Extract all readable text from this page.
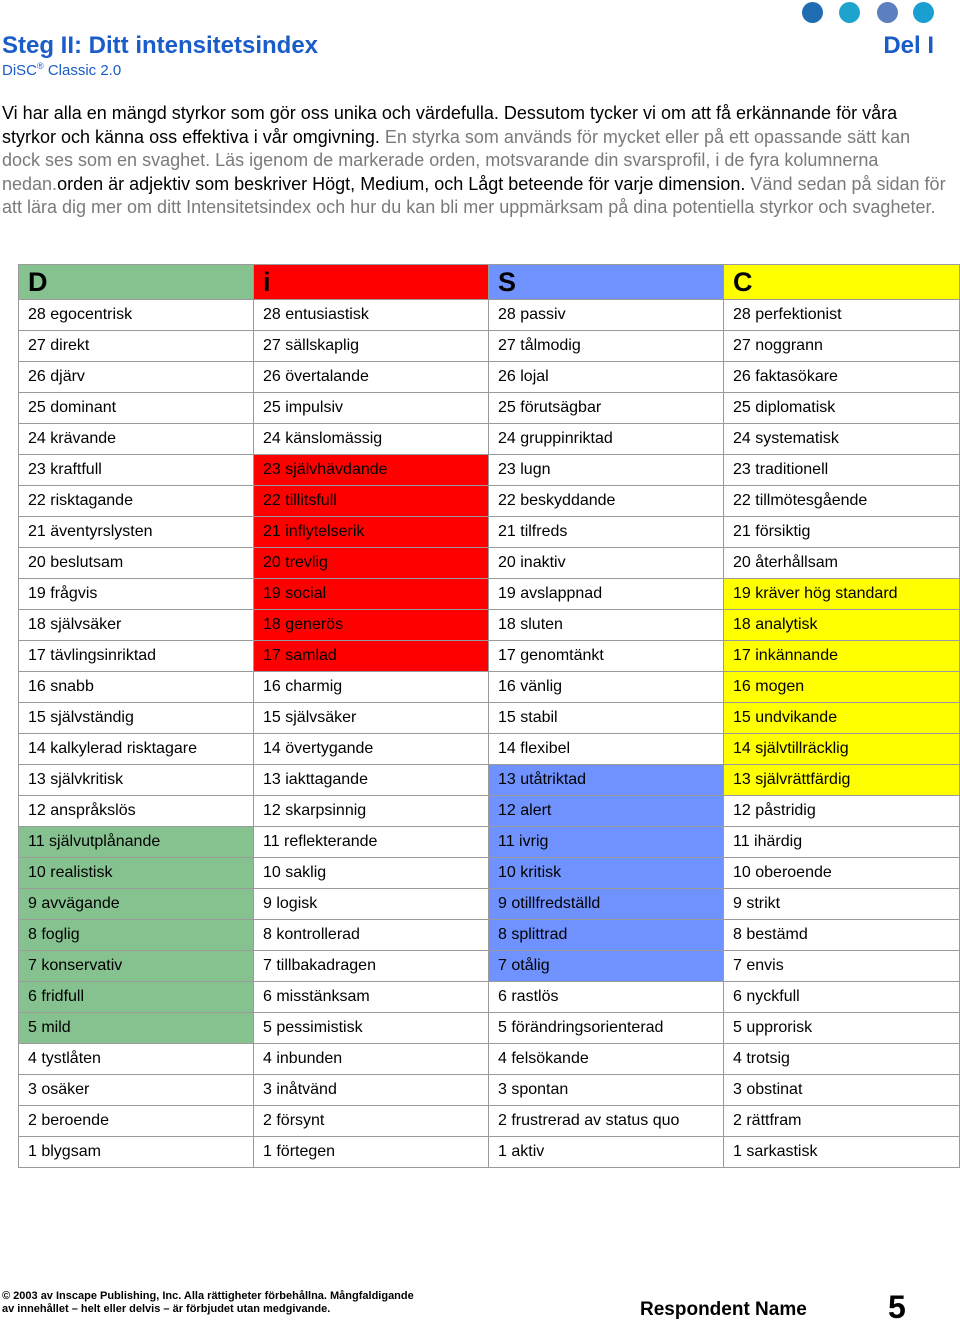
Steg II: Ditt intensitetsindex
DiSC® Classic 2.0
Del I
Vi har alla en mängd styrkor som gör oss unika och värdefulla. Dessutom tycker vi om att få erkännande för våra styrkor och känna oss effektiva i vår omgivning. En styrka som används för mycket eller på ett opassande sätt kan dock ses som en svaghet. Läs igenom de markerade orden, motsvarande din svarsprofil, i de fyra kolumnerna nedan.orden är adjektiv som beskriver Högt, Medium, och Lågt beteende för varje dimension. Vänd sedan på sidan för att lära dig mer om ditt Intensitetsindex och hur du kan bli mer uppmärksam på dina potentiella styrkor och svagheter.
D	i	S	C
28 egocentrisk	28 entusiastisk	28 passiv	28 perfektionist
27 direkt	27 sällskaplig	27 tålmodig	27 noggrann
26 djärv	26 övertalande	26 lojal	26 faktasökare
25 dominant	25 impulsiv	25 förutsägbar	25 diplomatisk
24 krävande	24 känslomässig	24 gruppinriktad	24 systematisk
23 kraftfull	23 självhävdande	23 lugn	23 traditionell
22 risktagande	22 tillitsfull	22 beskyddande	22 tillmötesgående
21 äventyrslysten	21 inflytelserik	21 tilfreds	21 försiktig
20 beslutsam	20 trevlig	20 inaktiv	20 återhållsam
19 frågvis	19 social	19 avslappnad	19 kräver hög standard
18 självsäker	18 generös	18 sluten	18 analytisk
17 tävlingsinriktad	17 samlad	17 genomtänkt	17 inkännande
16 snabb	16 charmig	16 vänlig	16 mogen
15 självständig	15 självsäker	15 stabil	15 undvikande
14 kalkylerad risktagare	14 övertygande	14 flexibel	14 självtillräcklig
13 självkritisk	13 iakttagande	13 utåtriktad	13 självrättfärdig
12 anspråkslös	12 skarpsinnig	12 alert	12 påstridig
11 självutplånande	11 reflekterande	11 ivrig	11 ihärdig
10 realistisk	10 saklig	10 kritisk	10 oberoende
9 avvägande	9 logisk	9 otillfredställd	9 strikt
8 foglig	8 kontrollerad	8 splittrad	8 bestämd
7 konservativ	7 tillbakadragen	7 otålig	7 envis
6 fridfull	6 misstänksam	6 rastlös	6 nyckfull
5 mild	5 pessimistisk	5 förändringsorienterad	5 upprorisk
4 tystlåten	4 inbunden	4 felsökande	4 trotsig
3 osäker	3 inåtvänd	3 spontan	3 obstinat
2 beroende	2 försynt	2 frustrerad av status quo	2 rättfram
1 blygsam	1 förtegen	1 aktiv	1 sarkastisk
© 2003 av Inscape Publishing, Inc. Alla rättigheter förbehållna. Mångfaldigande
av innehållet – helt eller delvis – är förbjudet utan medgivande.	Respondent Name	5
